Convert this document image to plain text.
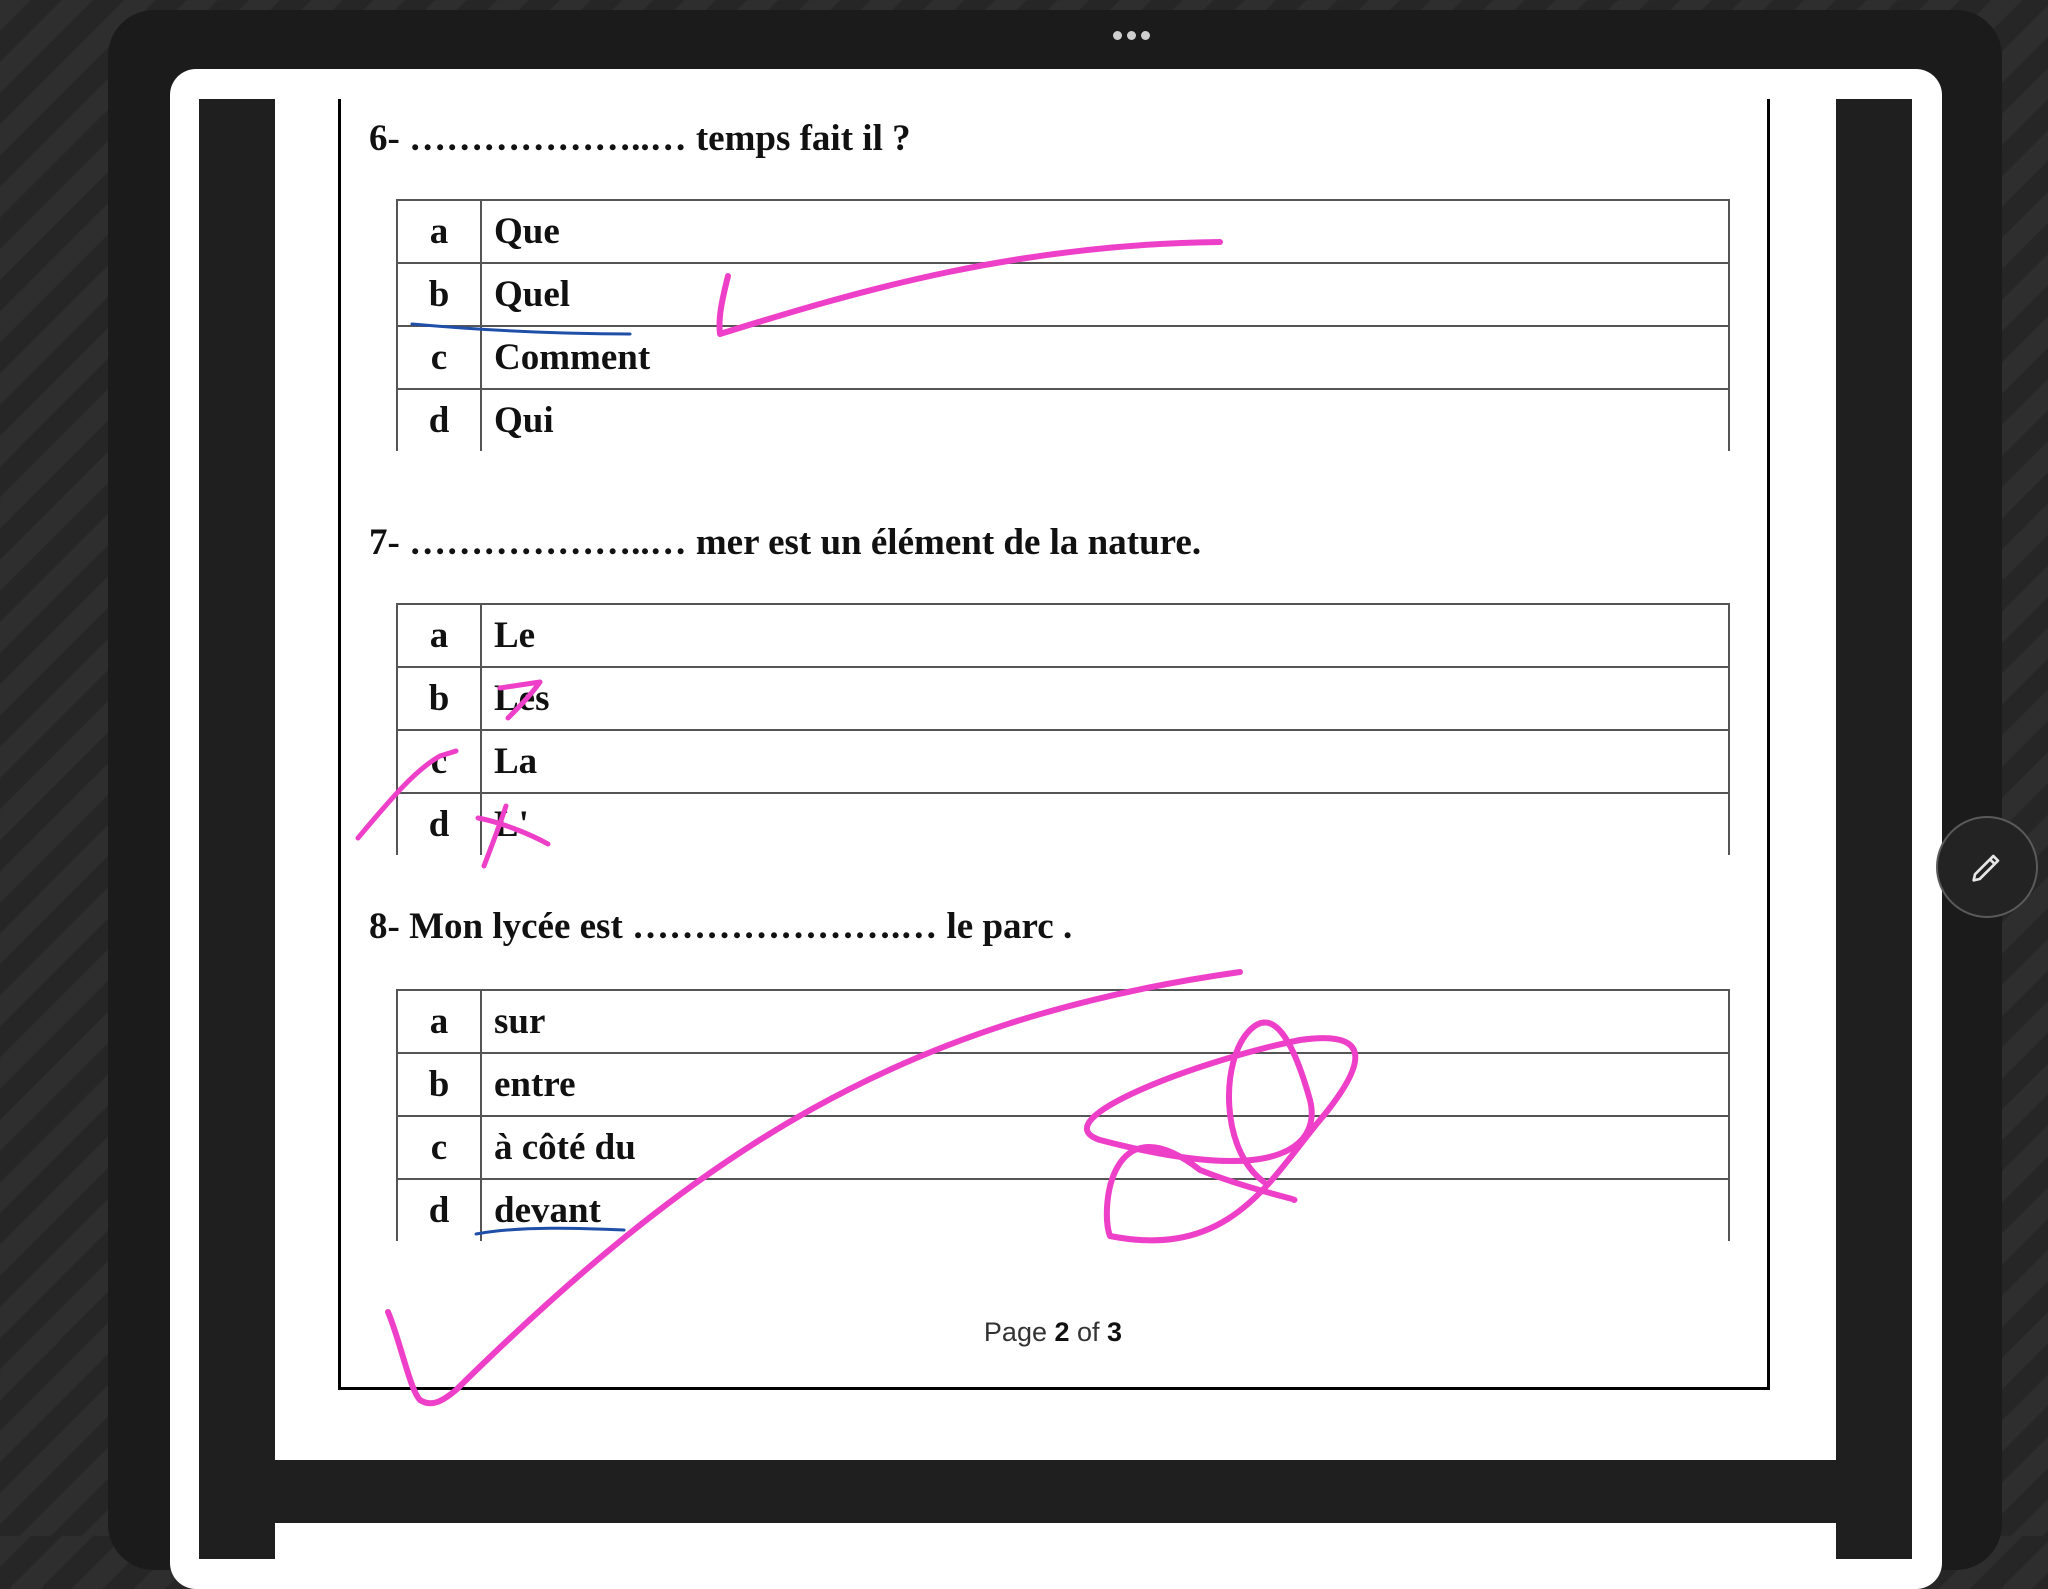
6- ………………..… temps fait il ?
a	Que
b	Quel
c	Comment
d	Qui
7- ………………..… mer est un élément de la nature.
a	Le
b	Les
c	La
d	L'
8- Mon lycée est ………………….… le parc .
a	sur
b	entre
c	à côté du
d	devant
Page 2 of 3
